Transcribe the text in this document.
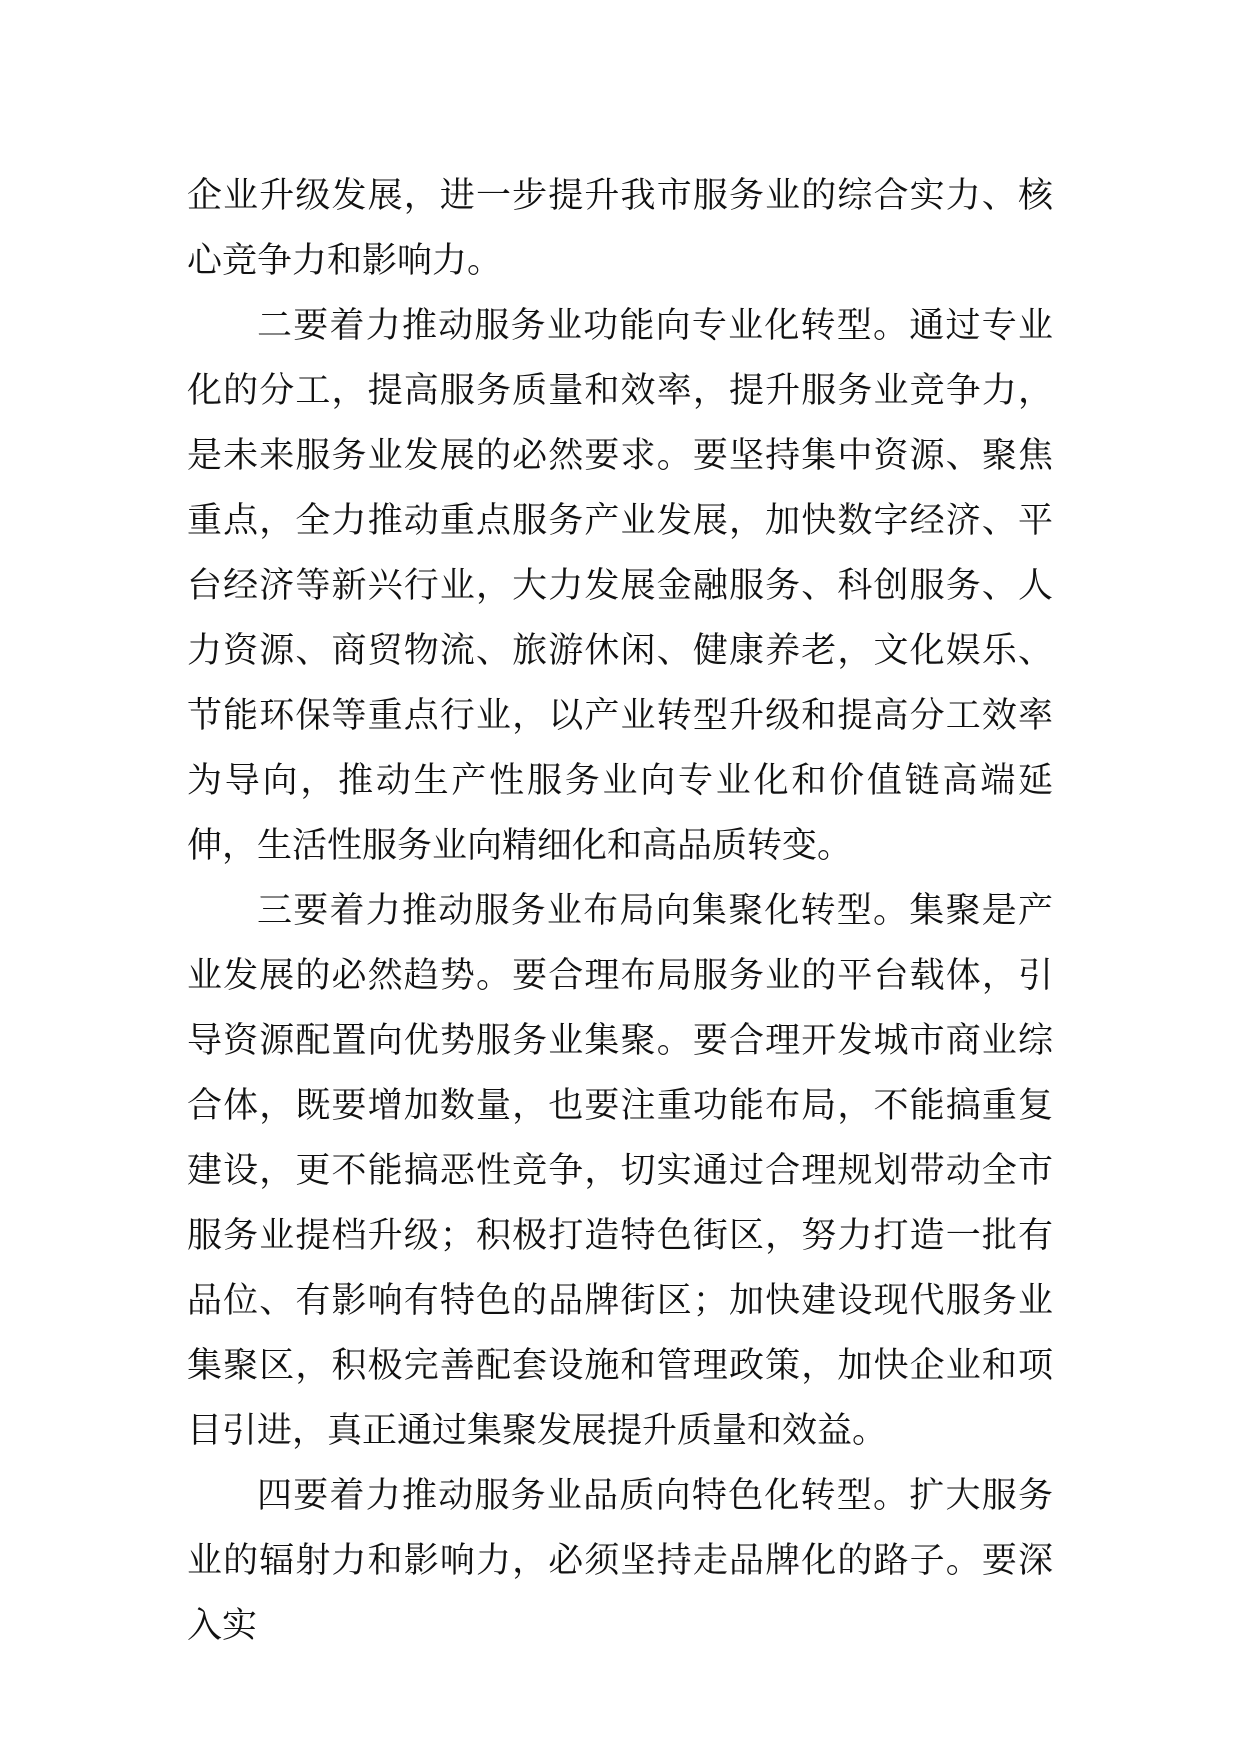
企业升级发展，进一步提升我市服务业的综合实力、核心竞争力和影响力。

二要着力推动服务业功能向专业化转型。通过专业化的分工，提高服务质量和效率，提升服务业竞争力，是未来服务业发展的必然要求。要坚持集中资源、聚焦重点，全力推动重点服务产业发展，加快数字经济、平台经济等新兴行业，大力发展金融服务、科创服务、人力资源、商贸物流、旅游休闲、健康养老，文化娱乐、节能环保等重点行业，以产业转型升级和提高分工效率为导向，推动生产性服务业向专业化和价值链高端延伸，生活性服务业向精细化和高品质转变。

三要着力推动服务业布局向集聚化转型。集聚是产业发展的必然趋势。要合理布局服务业的平台载体，引导资源配置向优势服务业集聚。要合理开发城市商业综合体，既要增加数量，也要注重功能布局，不能搞重复建设，更不能搞恶性竞争，切实通过合理规划带动全市服务业提档升级；积极打造特色街区，努力打造一批有品位、有影响有特色的品牌街区；加快建设现代服务业集聚区，积极完善配套设施和管理政策，加快企业和项目引进，真正通过集聚发展提升质量和效益。

四要着力推动服务业品质向特色化转型。扩大服务业的辐射力和影响力，必须坚持走品牌化的路子。要深入实
